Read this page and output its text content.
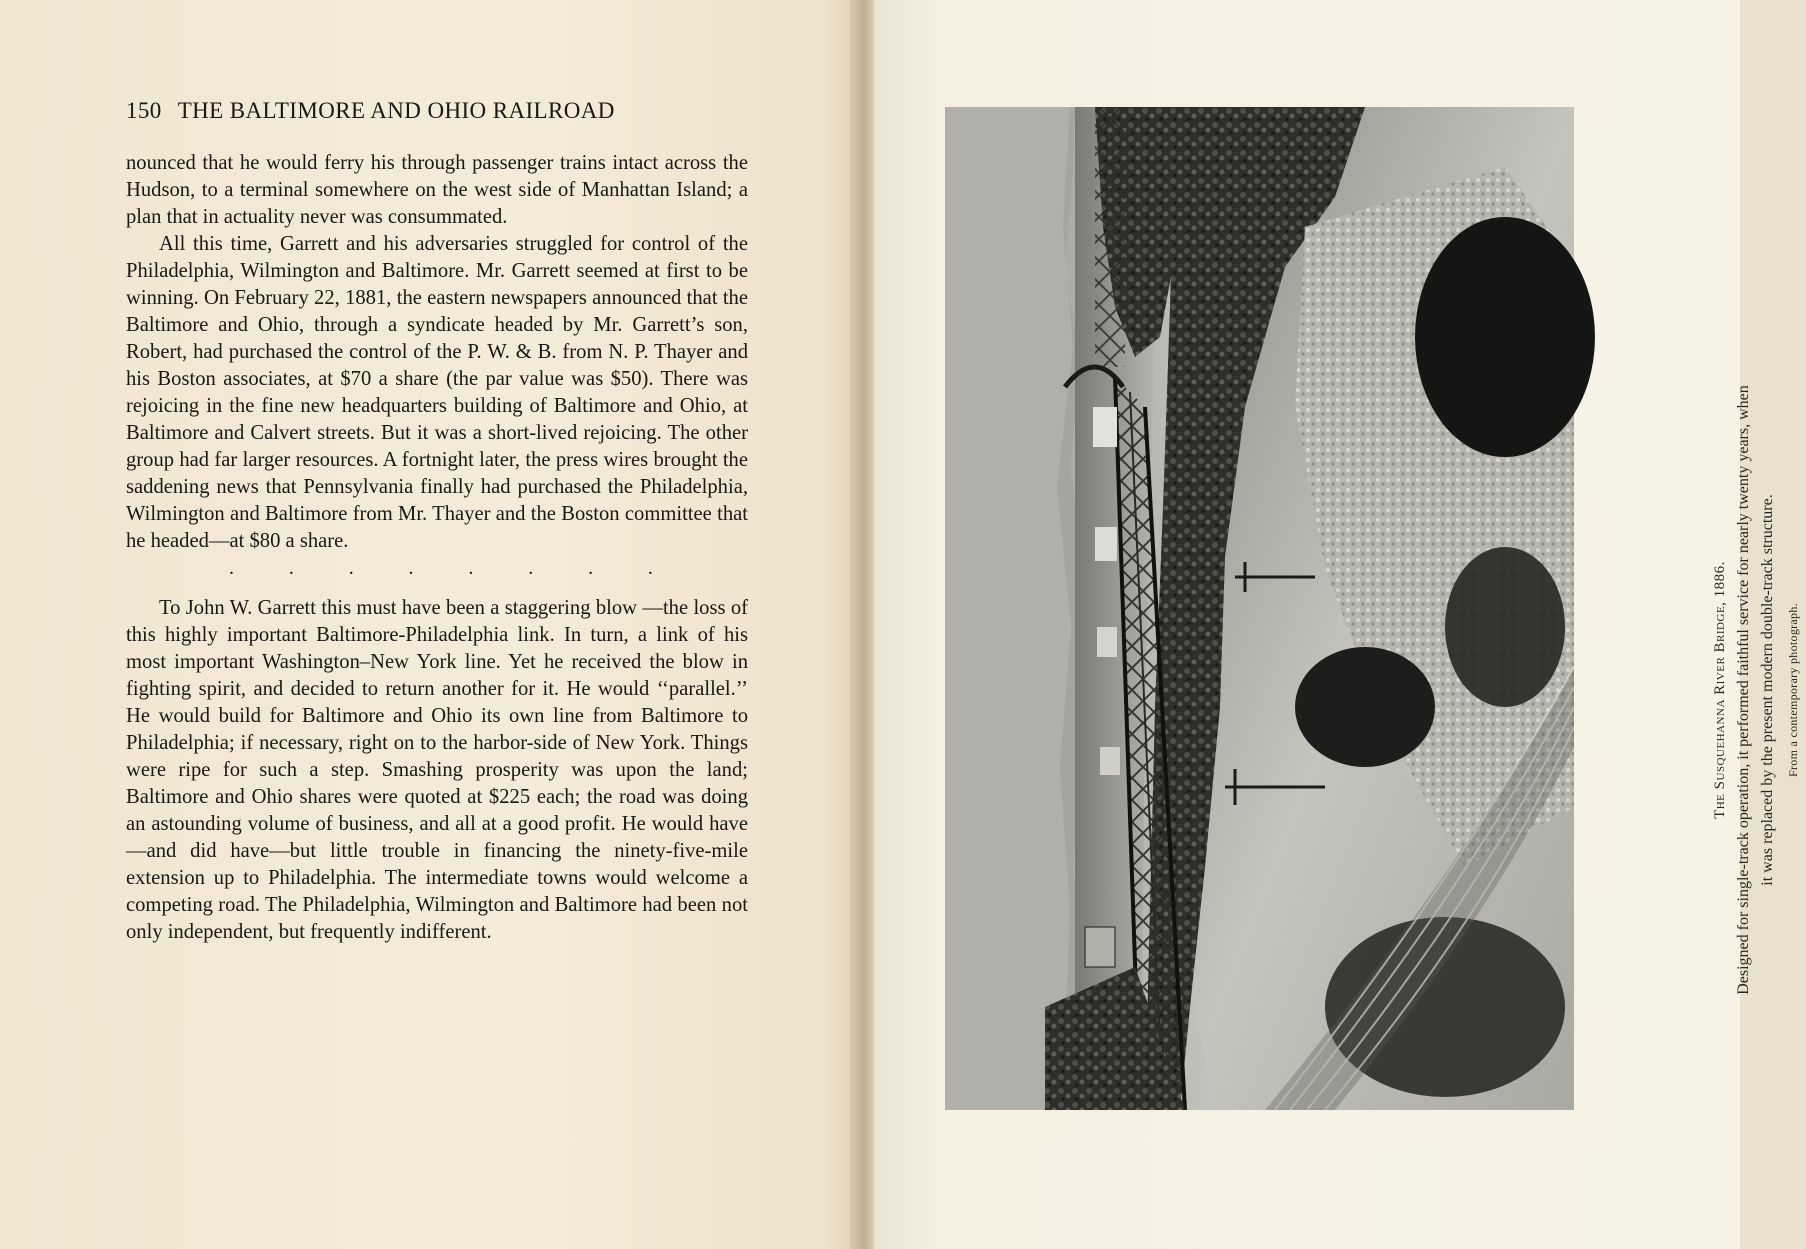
150 THE BALTIMORE AND OHIO RAILROAD

nounced that he would ferry his through passenger trains intact across the Hudson, to a terminal somewhere on the west side of Manhattan Island; a plan that in actuality never was consummated.

All this time, Garrett and his adversaries struggled for control of the Philadelphia, Wilmington and Baltimore. Mr. Garrett seemed at first to be winning. On February 22, 1881, the eastern newspapers announced that the Baltimore and Ohio, through a syndicate headed by Mr. Garrett’s son, Robert, had purchased the control of the P. W. & B. from N. P. Thayer and his Boston associates, at $70 a share (the par value was $50). There was rejoicing in the fine new headquarters building of Baltimore and Ohio, at Baltimore and Calvert streets. But it was a short-lived rejoicing. The other group had far larger resources. A fortnight later, the press wires brought the saddening news that Pennsylvania finally had purchased the Philadelphia, Wilmington and Baltimore from Mr. Thayer and the Boston committee that he headed—at $80 a share.

.	.	.	.	.	.	.	.

To John W. Garrett this must have been a staggering blow —the loss of this highly important Baltimore-Philadelphia link. In turn, a link of his most important Washington–New York line. Yet he received the blow in fighting spirit, and decided to return another for it. He would ‘‘parallel.’’ He would build for Baltimore and Ohio its own line from Baltimore to Philadelphia; if necessary, right on to the harbor-side of New York. Things were ripe for such a step. Smashing prosperity was upon the land; Baltimore and Ohio shares were quoted at $225 each; the road was doing an astounding volume of business, and all at a good profit. He would have—and did have—but little trouble in financing the ninety-five-mile extension up to Philadelphia. The intermediate towns would welcome a competing road. The Philadelphia, Wilmington and Baltimore had been not only independent, but frequently indifferent.

The Susquehanna River Bridge, 1886. Designed for single-track operation, it performed faithful service for nearly twenty years, when it was replaced by the present modern double-track structure. From a contemporary photograph.
